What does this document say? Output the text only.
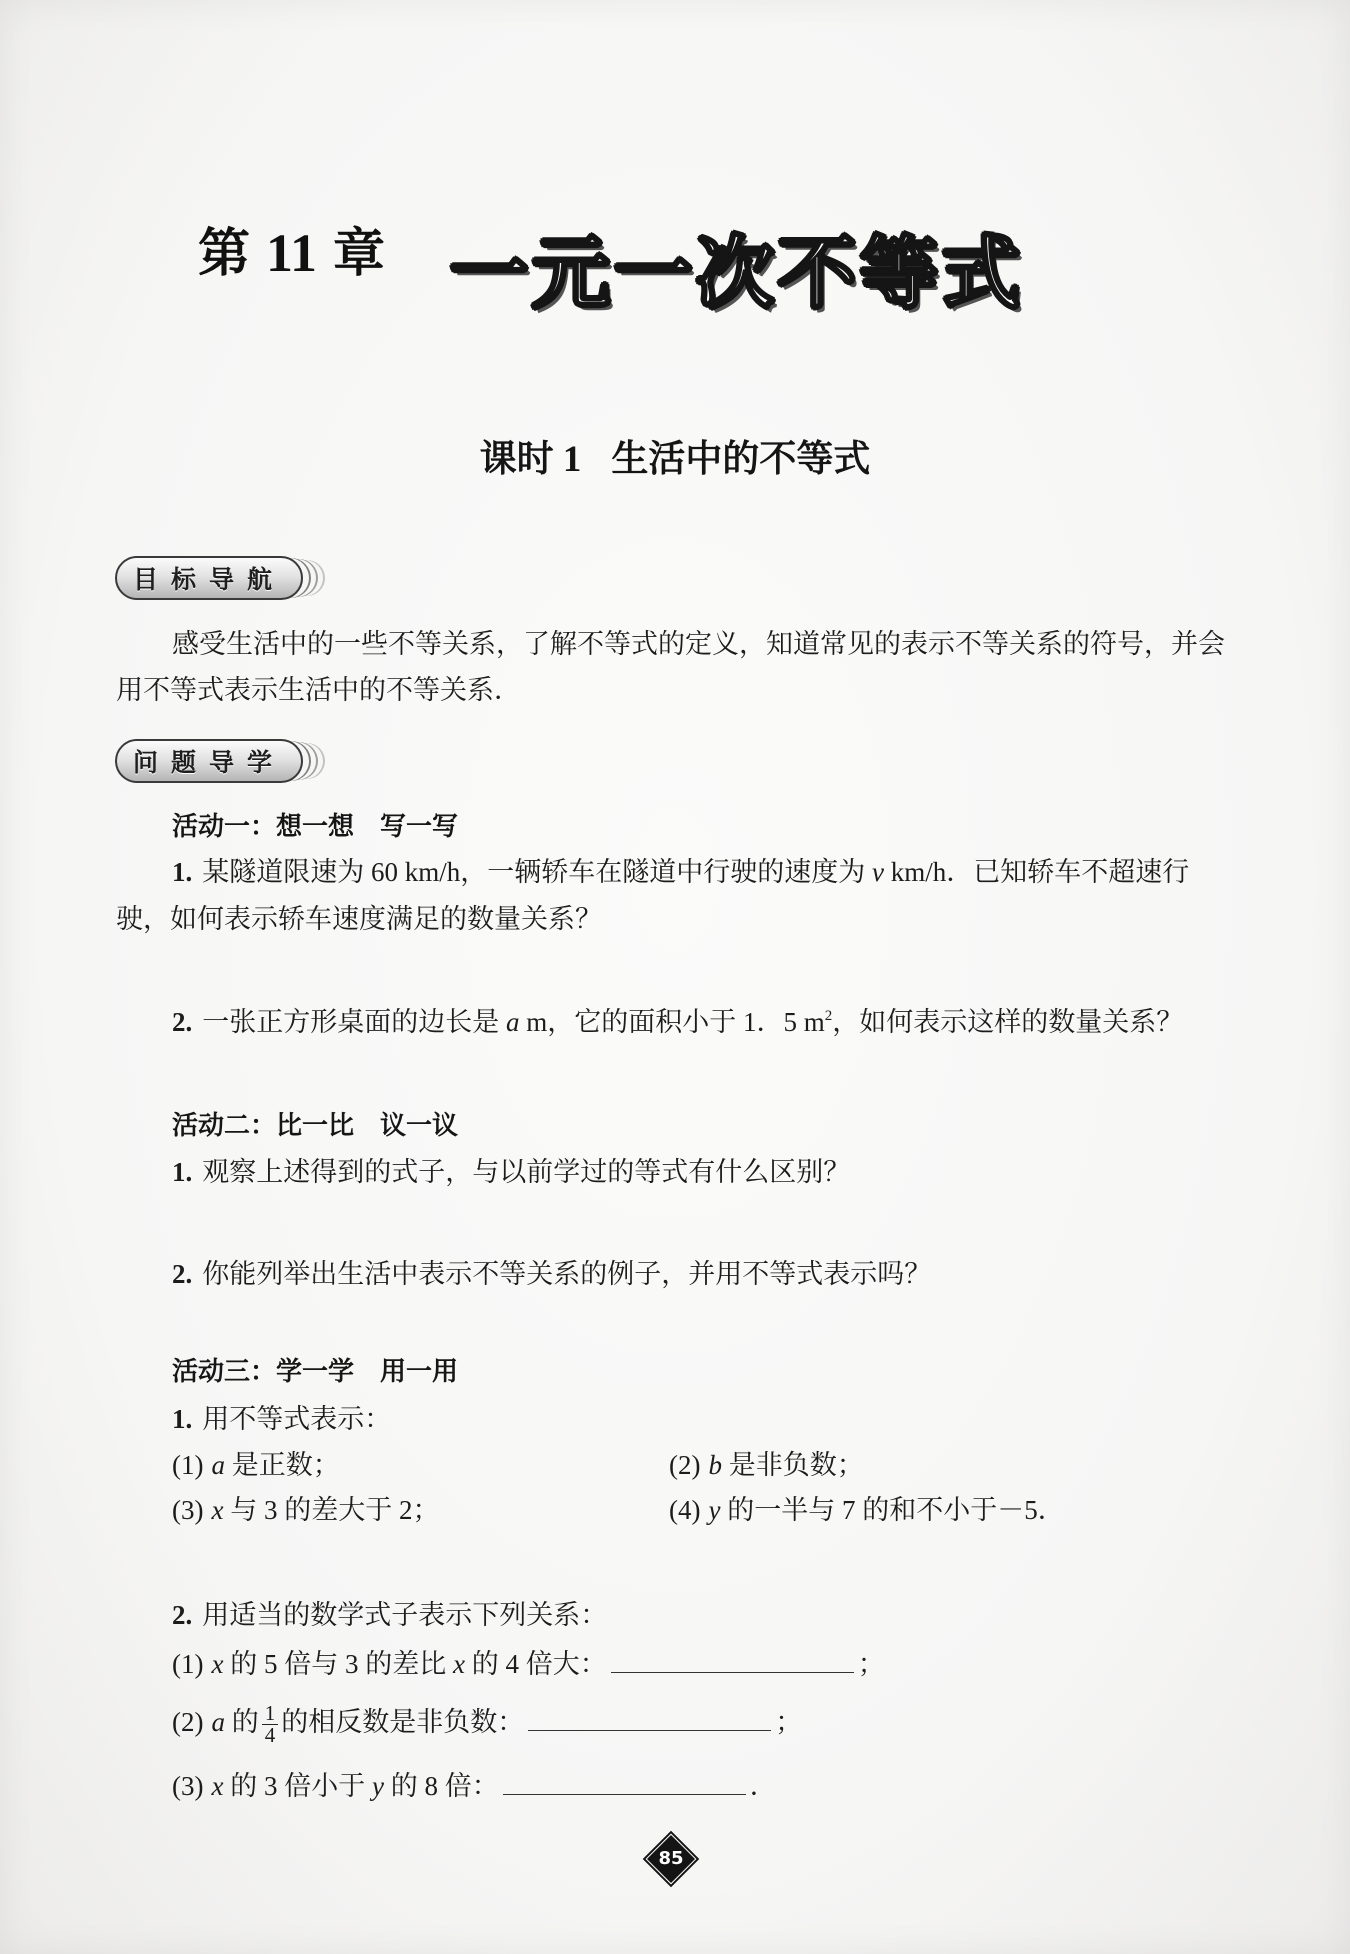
第 11 章 一元一次不等式
课时 1 生活中的不等式
目标导航
感受生活中的一些不等关系，了解不等式的定义，知道常见的表示不等关系的符号，并会
用不等式表示生活中的不等关系．
问题导学
活动一：想一想　写一写
1. 某隧道限速为 60 km/h，一辆轿车在隧道中行驶的速度为 v km/h．已知轿车不超速行
驶，如何表示轿车速度满足的数量关系？
2. 一张正方形桌面的边长是 a m，它的面积小于 1．5 $m^2$，如何表示这样的数量关系？
活动二：比一比　议一议
1. 观察上述得到的式子，与以前学过的等式有什么区别？
2. 你能列举出生活中表示不等关系的例子，并用不等式表示吗？
活动三：学一学　用一用
1. 用不等式表示：
(1) a 是正数；	(2) b 是非负数；
(3) x 与 3 的差大于 2；	(4) y 的一半与 7 的和不小于－5．
2. 用适当的数学式子表示下列关系：
(1) x 的 5 倍与 3 的差比 x 的 4 倍大：	；
(2) a 的 $\frac{1}{4}$ 的相反数是非负数：	；
(3) x 的 3 倍小于 y 的 8 倍：	．
85
